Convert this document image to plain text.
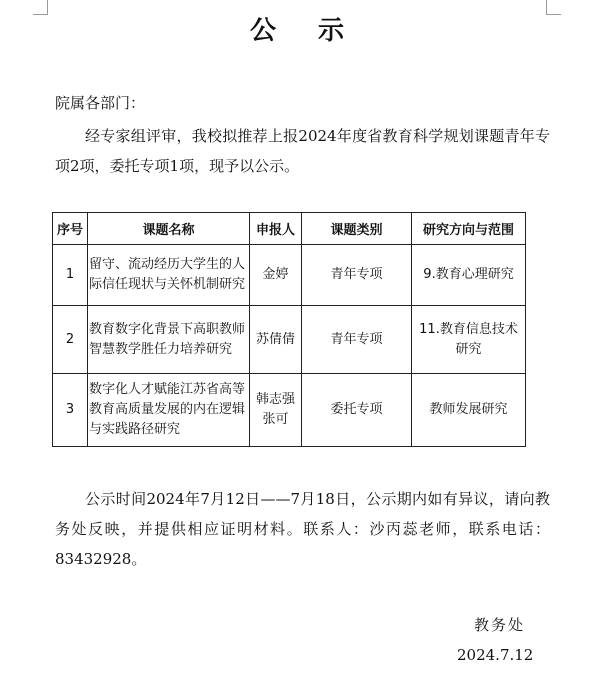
公示
院属各部门：
经专家组评审，我校拟推荐上报2024年度省教育科学规划课题青年专项2项，委托专项1项，现予以公示。
序号	课题名称	申报人	课题类别	研究方向与范围
1	留守、流动经历大学生的人际信任现状与关怀机制研究	金婷	青年专项	9.教育心理研究

2	教育数字化背景下高职教师智慧教学胜任力培养研究	苏倩倩	青年专项	11.教育信息技术
研究

3	数字化人才赋能江苏省高等教育高质量发展的内在逻辑与实践路径研究	韩志强
张可	委托专项	教师发展研究
公示时间2024年7月12日——7月18日，公示期内如有异议，请向教务处反映，并提供相应证明材料。联系人：沙丙蕊老师，联系电话：83432928。
教务处
2024.7.12
